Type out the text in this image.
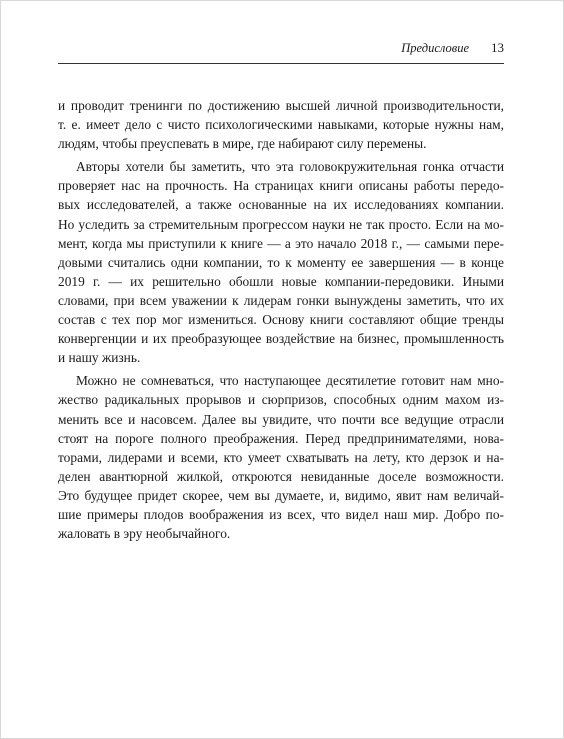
Предисловие 13
и проводит тренинги по достижению высшей личной производительности,
т. е. имеет дело с чисто психологическими навыками, которые нужны нам,
людям, чтобы преуспевать в мире, где набирают силу перемены.
Авторы хотели бы заметить, что эта головокружительная гонка отчасти
проверяет нас на прочность. На страницах книги описаны работы передо-
вых исследователей, а также основанные на их исследованиях компании.
Но уследить за стремительным прогрессом науки не так просто. Если на мо-
мент, когда мы приступили к книге — а это начало 2018 г., — самыми пере-
довыми считались одни компании, то к моменту ее завершения — в конце
2019 г. — их решительно обошли новые компании-передовики. Иными
словами, при всем уважении к лидерам гонки вынуждены заметить, что их
состав с тех пор мог измениться. Основу книги составляют общие тренды
конвергенции и их преобразующее воздействие на бизнес, промышленность
и нашу жизнь.
Можно не сомневаться, что наступающее десятилетие готовит нам мно-
жество радикальных прорывов и сюрпризов, способных одним махом из-
менить все и насовсем. Далее вы увидите, что почти все ведущие отрасли
стоят на пороге полного преображения. Перед предпринимателями, нова-
торами, лидерами и всеми, кто умеет схватывать на лету, кто дерзок и на-
делен авантюрной жилкой, откроются невиданные доселе возможности.
Это будущее придет скорее, чем вы думаете, и, видимо, явит нам величай-
шие примеры плодов воображения из всех, что видел наш мир. Добро по-
жаловать в эру необычайного.
